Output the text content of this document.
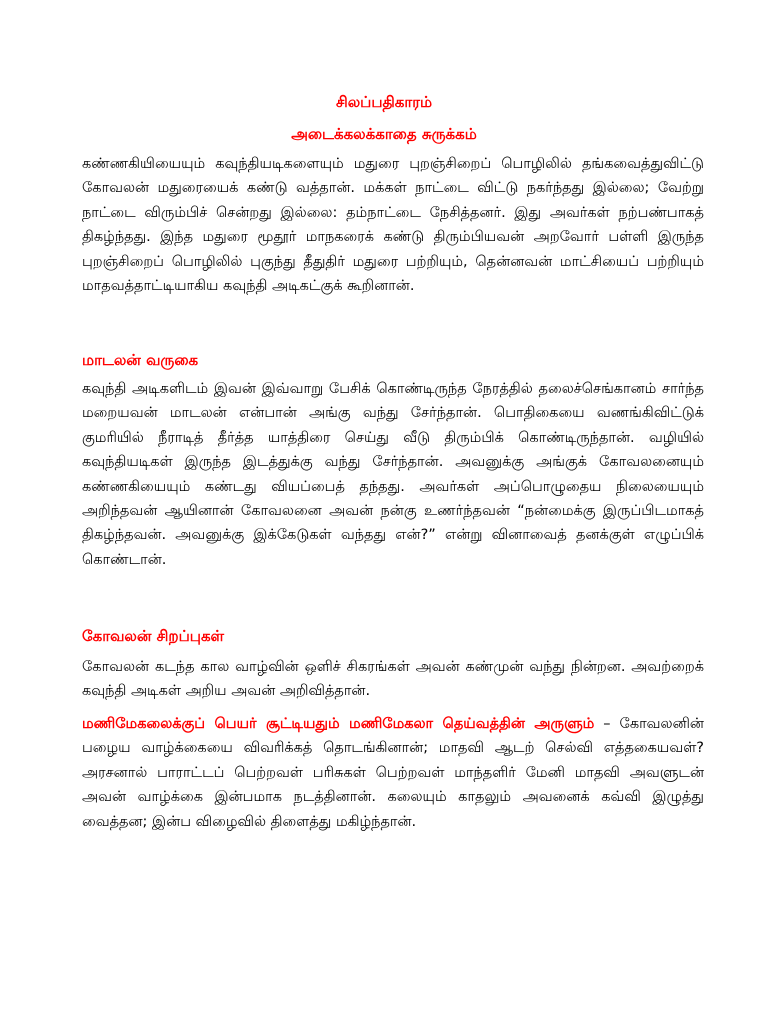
சிலப்பதிகாரம்
அடைக்கலக்காதை சுருக்கம்
கண்ணகியியையும் கவுந்தியடிகளையும் மதுரை புறஞ்சிறைப் பொழிலில் தங்கவைத்துவிட்டு கோவலன் மதுரையைக் கண்டு வத்தான். மக்கள் நாட்டை விட்டு நகர்ந்தது இல்லை; வேற்று நாட்டை விரும்பிச் சென்றது இல்லை: தம்நாட்டை நேசித்தனர். இது அவர்கள் நற்பண்பாகத் திகழ்ந்தது. இந்த மதுரை மூதூர் மாநகரைக் கண்டு திரும்பியவன் அறவோர் பள்ளி இருந்த புறஞ்சிறைப் பொழிலில் புகுந்து தீதுதிர் மதுரை பற்றியும், தென்னவன் மாட்சியைப் பற்றியும் மாதவத்தாட்டியாகிய கவுந்தி அடிகட்குக் கூறினான்.
மாடலன் வருகை
கவுந்தி அடிகளிடம் இவன் இவ்வாறு பேசிக் கொண்டிருந்த நேரத்தில் தலைச்செங்கானம் சார்ந்த மறையவன் மாடலன் என்பான் அங்கு வந்து சேர்ந்தான். பொதிகையை வணங்கிவிட்டுக் குமரியில் நீராடித் தீர்த்த யாத்திரை செய்து வீடு திரும்பிக் கொண்டிருந்தான். வழியில் கவுந்தியடிகள் இருந்த இடத்துக்கு வந்து சேர்ந்தான். அவனுக்கு அங்குக் கோவலனையும் கண்ணகியையும் கண்டது வியப்பைத் தந்தது. அவர்கள் அப்பொழுதைய நிலையையும் அறிந்தவன் ஆயினான் கோவலனை அவன் நன்கு உணர்ந்தவன் “நன்மைக்கு இருப்பிடமாகத் திகழ்ந்தவன். அவனுக்கு இக்கேடுகள் வந்தது என்?” என்று வினாவைத் தனக்குள் எழுப்பிக் கொண்டான்.
கோவலன் சிறப்புகள்
கோவலன் கடந்த கால வாழ்வின் ஒளிச் சிகரங்கள் அவன் கண்முன் வந்து நின்றன. அவற்றைக் கவுந்தி அடிகள் அறிய அவன் அறிவித்தான்.
மணிமேகலைக்குப் பெயர் சூட்டியதும் மணிமேகலா தெய்வத்தின் அருளும் – கோவலனின் பழைய வாழ்க்கையை விவரிக்கத் தொடங்கினான்; மாதவி ஆடற் செல்வி எத்தகையவள்? அரசனால் பாராட்டப் பெற்றவள் பரிசுகள் பெற்றவள் மாந்தளிர் மேனி மாதவி அவளுடன் அவன் வாழ்க்கை இன்பமாக நடத்தினான். கலையும் காதலும் அவனைக் கவ்வி இழுத்து வைத்தன; இன்ப விழைவில் திளைத்து மகிழ்ந்தான்.
